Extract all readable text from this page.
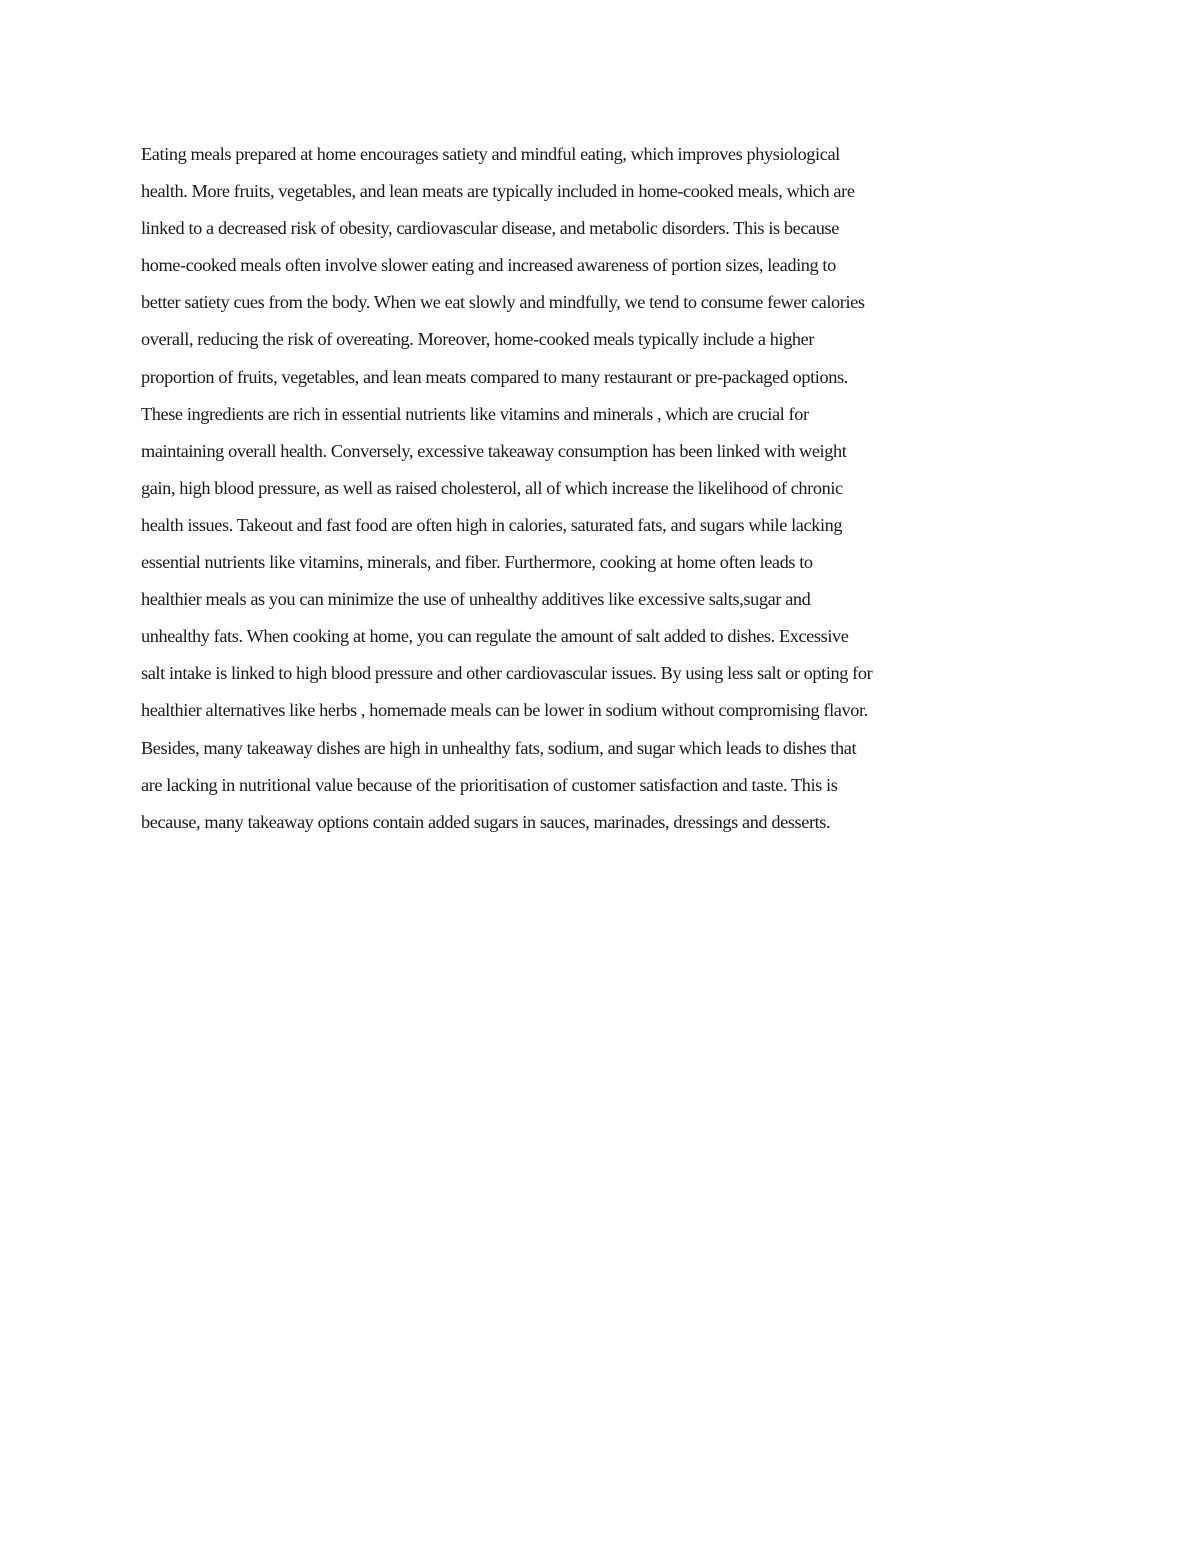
Eating meals prepared at home encourages satiety and mindful eating, which improves physiological
health. More fruits, vegetables, and lean meats are typically included in home-cooked meals, which are
linked to a decreased risk of obesity, cardiovascular disease, and metabolic disorders. This is because
home-cooked meals often involve slower eating and increased awareness of portion sizes, leading to
better satiety cues from the body. When we eat slowly and mindfully, we tend to consume fewer calories
overall, reducing the risk of overeating. Moreover, home-cooked meals typically include a higher
proportion of fruits, vegetables, and lean meats compared to many restaurant or pre-packaged options.
These ingredients are rich in essential nutrients like vitamins and minerals , which are crucial for
maintaining overall health. Conversely, excessive takeaway consumption has been linked with weight
gain, high blood pressure, as well as raised cholesterol, all of which increase the likelihood of chronic
health issues. Takeout and fast food are often high in calories, saturated fats, and sugars while lacking
essential nutrients like vitamins, minerals, and fiber. Furthermore, cooking at home often leads to
healthier meals as you can minimize the use of unhealthy additives like excessive salts,sugar and
unhealthy fats. When cooking at home, you can regulate the amount of salt added to dishes. Excessive
salt intake is linked to high blood pressure and other cardiovascular issues. By using less salt or opting for
healthier alternatives like herbs , homemade meals can be lower in sodium without compromising flavor.
Besides, many takeaway dishes are high in unhealthy fats, sodium, and sugar which leads to dishes that
are lacking in nutritional value because of the prioritisation of customer satisfaction and taste. This is
because, many takeaway options contain added sugars in sauces, marinades, dressings and desserts.
